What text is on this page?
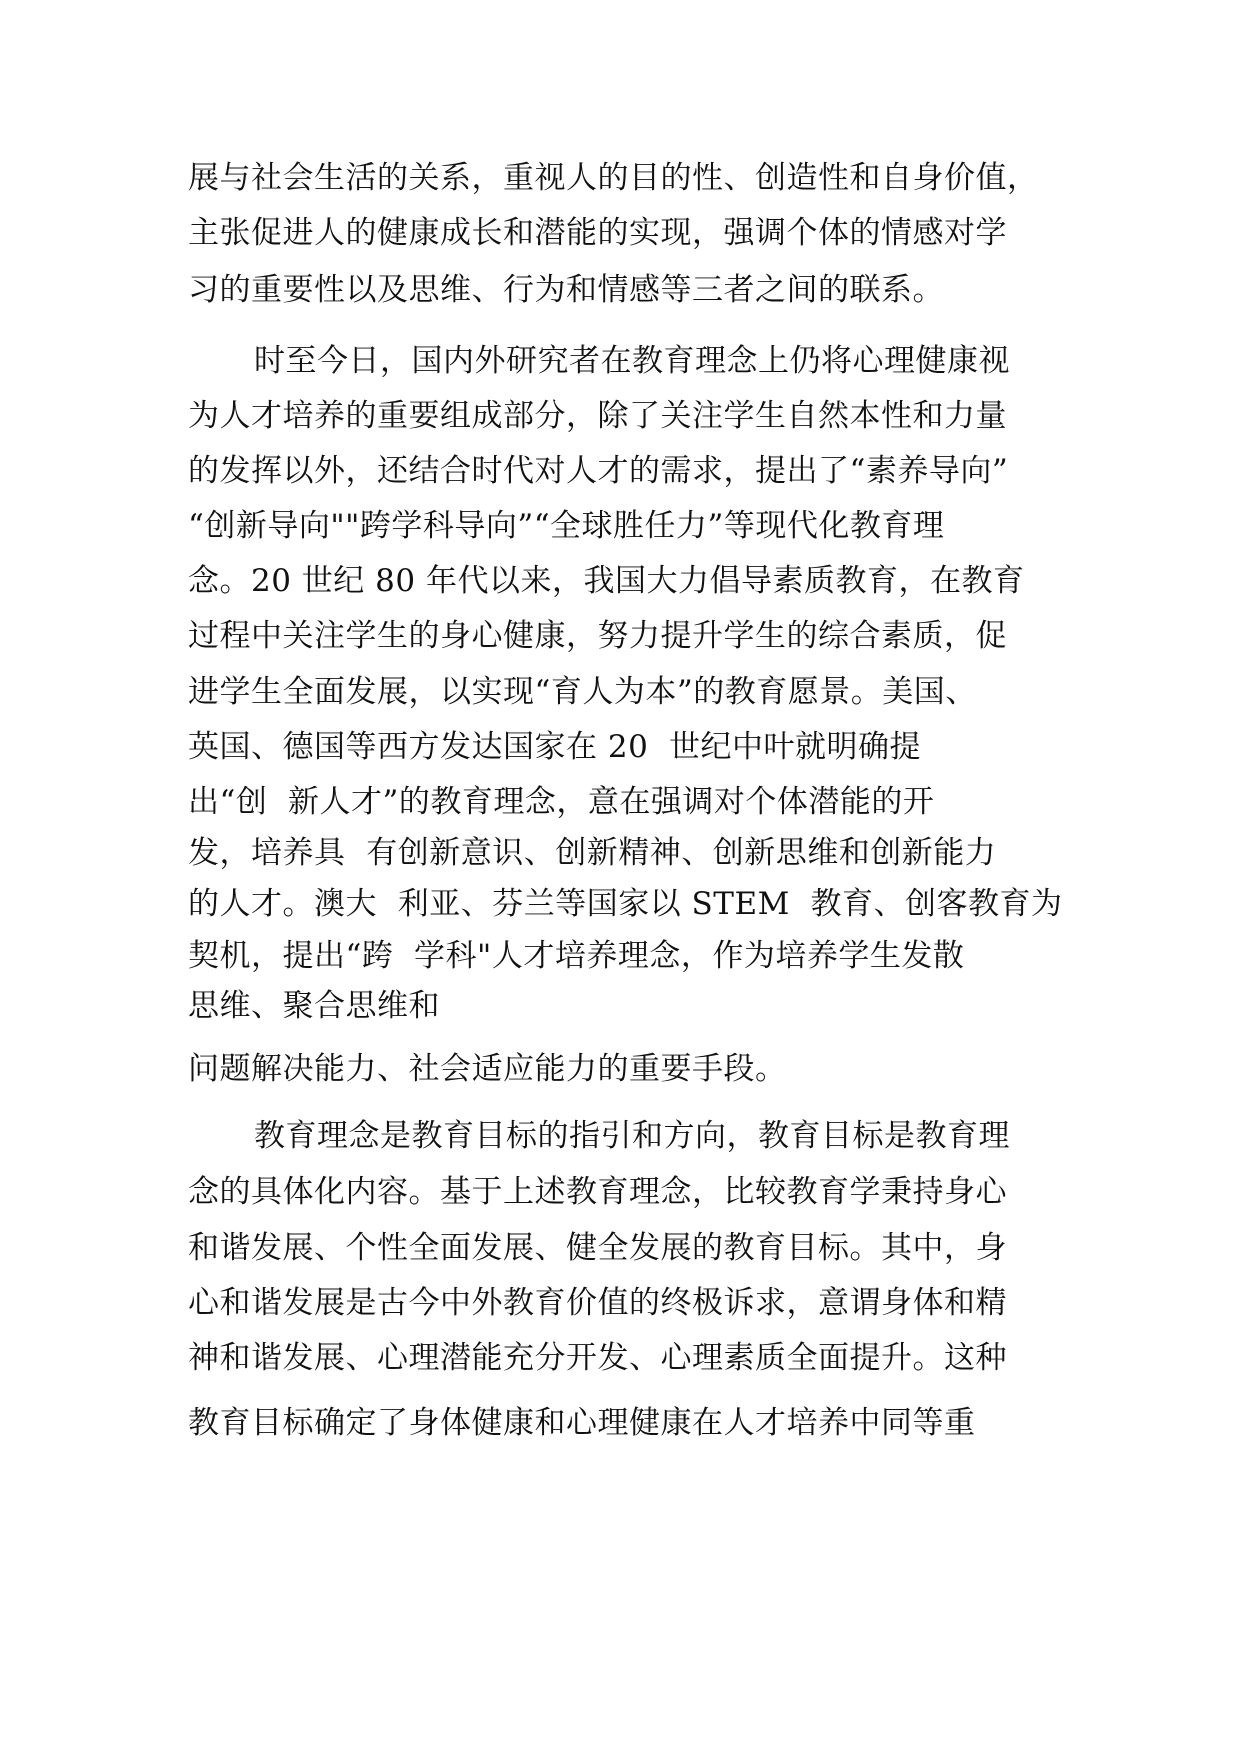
展与社会生活的关系，重视人的目的性、创造性和自身价值，
主张促进人的健康成长和潜能的实现，强调个体的情感对学
习的重要性以及思维、行为和情感等三者之间的联系。
时至今日，国内外研究者在教育理念上仍将心理健康视
为人才培养的重要组成部分，除了关注学生自然本性和力量
的发挥以外，还结合时代对人才的需求，提出了“素养导向”
“创新导向""跨学科导向”“全球胜任力”等现代化教育理
念。20 世纪 80 年代以来，我国大力倡导素质教育，在教育
过程中关注学生的身心健康，努力提升学生的综合素质，促
进学生全面发展，以实现“育人为本”的教育愿景。美国、
英国、德国等西方发达国家在 20  世纪中叶就明确提
出“创  新人才”的教育理念，意在强调对个体潜能的开
发，培养具  有创新意识、创新精神、创新思维和创新能力
的人才。澳大  利亚、芬兰等国家以 STEM  教育、创客教育为
契机，提出“跨  学科"人才培养理念，作为培养学生发散
思维、聚合思维和
问题解决能力、社会适应能力的重要手段。
教育理念是教育目标的指引和方向，教育目标是教育理
念的具体化内容。基于上述教育理念，比较教育学秉持身心
和谐发展、个性全面发展、健全发展的教育目标。其中，身
心和谐发展是古今中外教育价值的终极诉求，意谓身体和精
神和谐发展、心理潜能充分开发、心理素质全面提升。这种
教育目标确定了身体健康和心理健康在人才培养中同等重
